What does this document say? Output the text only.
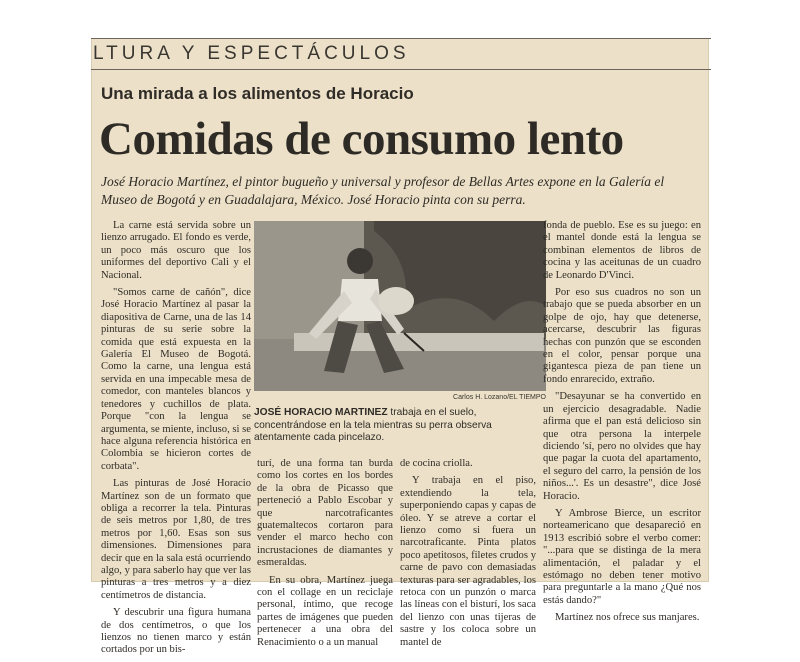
LTURA Y ESPECTÁCULOS
Una mirada a los alimentos de Horacio
Comidas de consumo lento
José Horacio Martínez, el pintor bugueño y universal y profesor de Bellas Artes expone en la Galería el Museo de Bogotá y en Guadalajara, México. José Horacio pinta con su perra.

La carne está servida sobre un lienzo arrugado. El fondo es verde, un poco más oscuro que los uniformes del deportivo Cali y el Nacional.

"Somos carne de cañón", dice José Horacio Martínez al pasar la diapositiva de Carne, una de las 14 pinturas de su serie sobre la comida que está expuesta en la Galería El Museo de Bogotá. Como la carne, una lengua está servida en una impecable mesa de comedor, con manteles blancos y tenedores y cuchillos de plata. Porque "con la lengua se argumenta, se miente, incluso, si se hace alguna referencia histórica en Colombia se hicieron cortes de corbata".

Las pinturas de José Horacio Martínez son de un formato que obliga a recorrer la tela. Pinturas de seis metros por 1,80, de tres metros por 1,60. Esas son sus dimensiones. Dimensiones para decir que en la sala está ocurriendo algo, y para saberlo hay que ver las pinturas a tres metros y a diez centímetros de distancia.

Y descubrir una figura humana de dos centímetros, o que los lienzos no tienen marco y están cortados por un bis-

Carlos H. Lozano/EL TIEMPO
JOSÉ HORACIO MARTINEZ trabaja en el suelo, concentrándose en la tela mientras su perra observa atentamente cada pincelazo.

turí, de una forma tan burda como los cortes en los bordes de la obra de Picasso que perteneció a Pablo Escobar y que narcotraficantes guatemaltecos cortaron para vender el marco hecho con incrustaciones de diamantes y esmeraldas.

En su obra, Martínez juega con el collage en un reciclaje personal, íntimo, que recoge partes de imágenes que pueden pertenecer a una obra del Renacimiento o a un manual

de cocina criolla.

Y trabaja en el piso, extendiendo la tela, superponiendo capas y capas de óleo. Y se atreve a cortar el lienzo como si fuera un narcotraficante. Pinta platos poco apetitosos, filetes crudos y carne de pavo con demasiadas texturas para ser agradables, los retoca con un punzón o marca las líneas con el bisturí, los saca del lienzo con unas tijeras de sastre y los coloca sobre un mantel de

fonda de pueblo. Ese es su juego: en el mantel donde está la lengua se combinan elementos de libros de cocina y las aceitunas de un cuadro de Leonardo D'Vinci.

Por eso sus cuadros no son un trabajo que se pueda absorber en un golpe de ojo, hay que detenerse, acercarse, descubrir las figuras hechas con punzón que se esconden en el color, pensar porque una gigantesca pieza de pan tiene un fondo enrarecido, extraño.

"Desayunar se ha convertido en un ejercicio desagradable. Nadie afirma que el pan está delicioso sin que otra persona la interpele diciendo 'sí, pero no olvides que hay que pagar la cuota del apartamento, el seguro del carro, la pensión de los niños...'. Es un desastre", dice José Horacio.

Y Ambrose Bierce, un escritor norteamericano que desapareció en 1913 escribió sobre el verbo comer: "...para que se distinga de la mera alimentación, el paladar y el estómago no deben tener motivo para preguntarle a la mano ¿Qué nos estás dando?"

Martínez nos ofrece sus manjares.
